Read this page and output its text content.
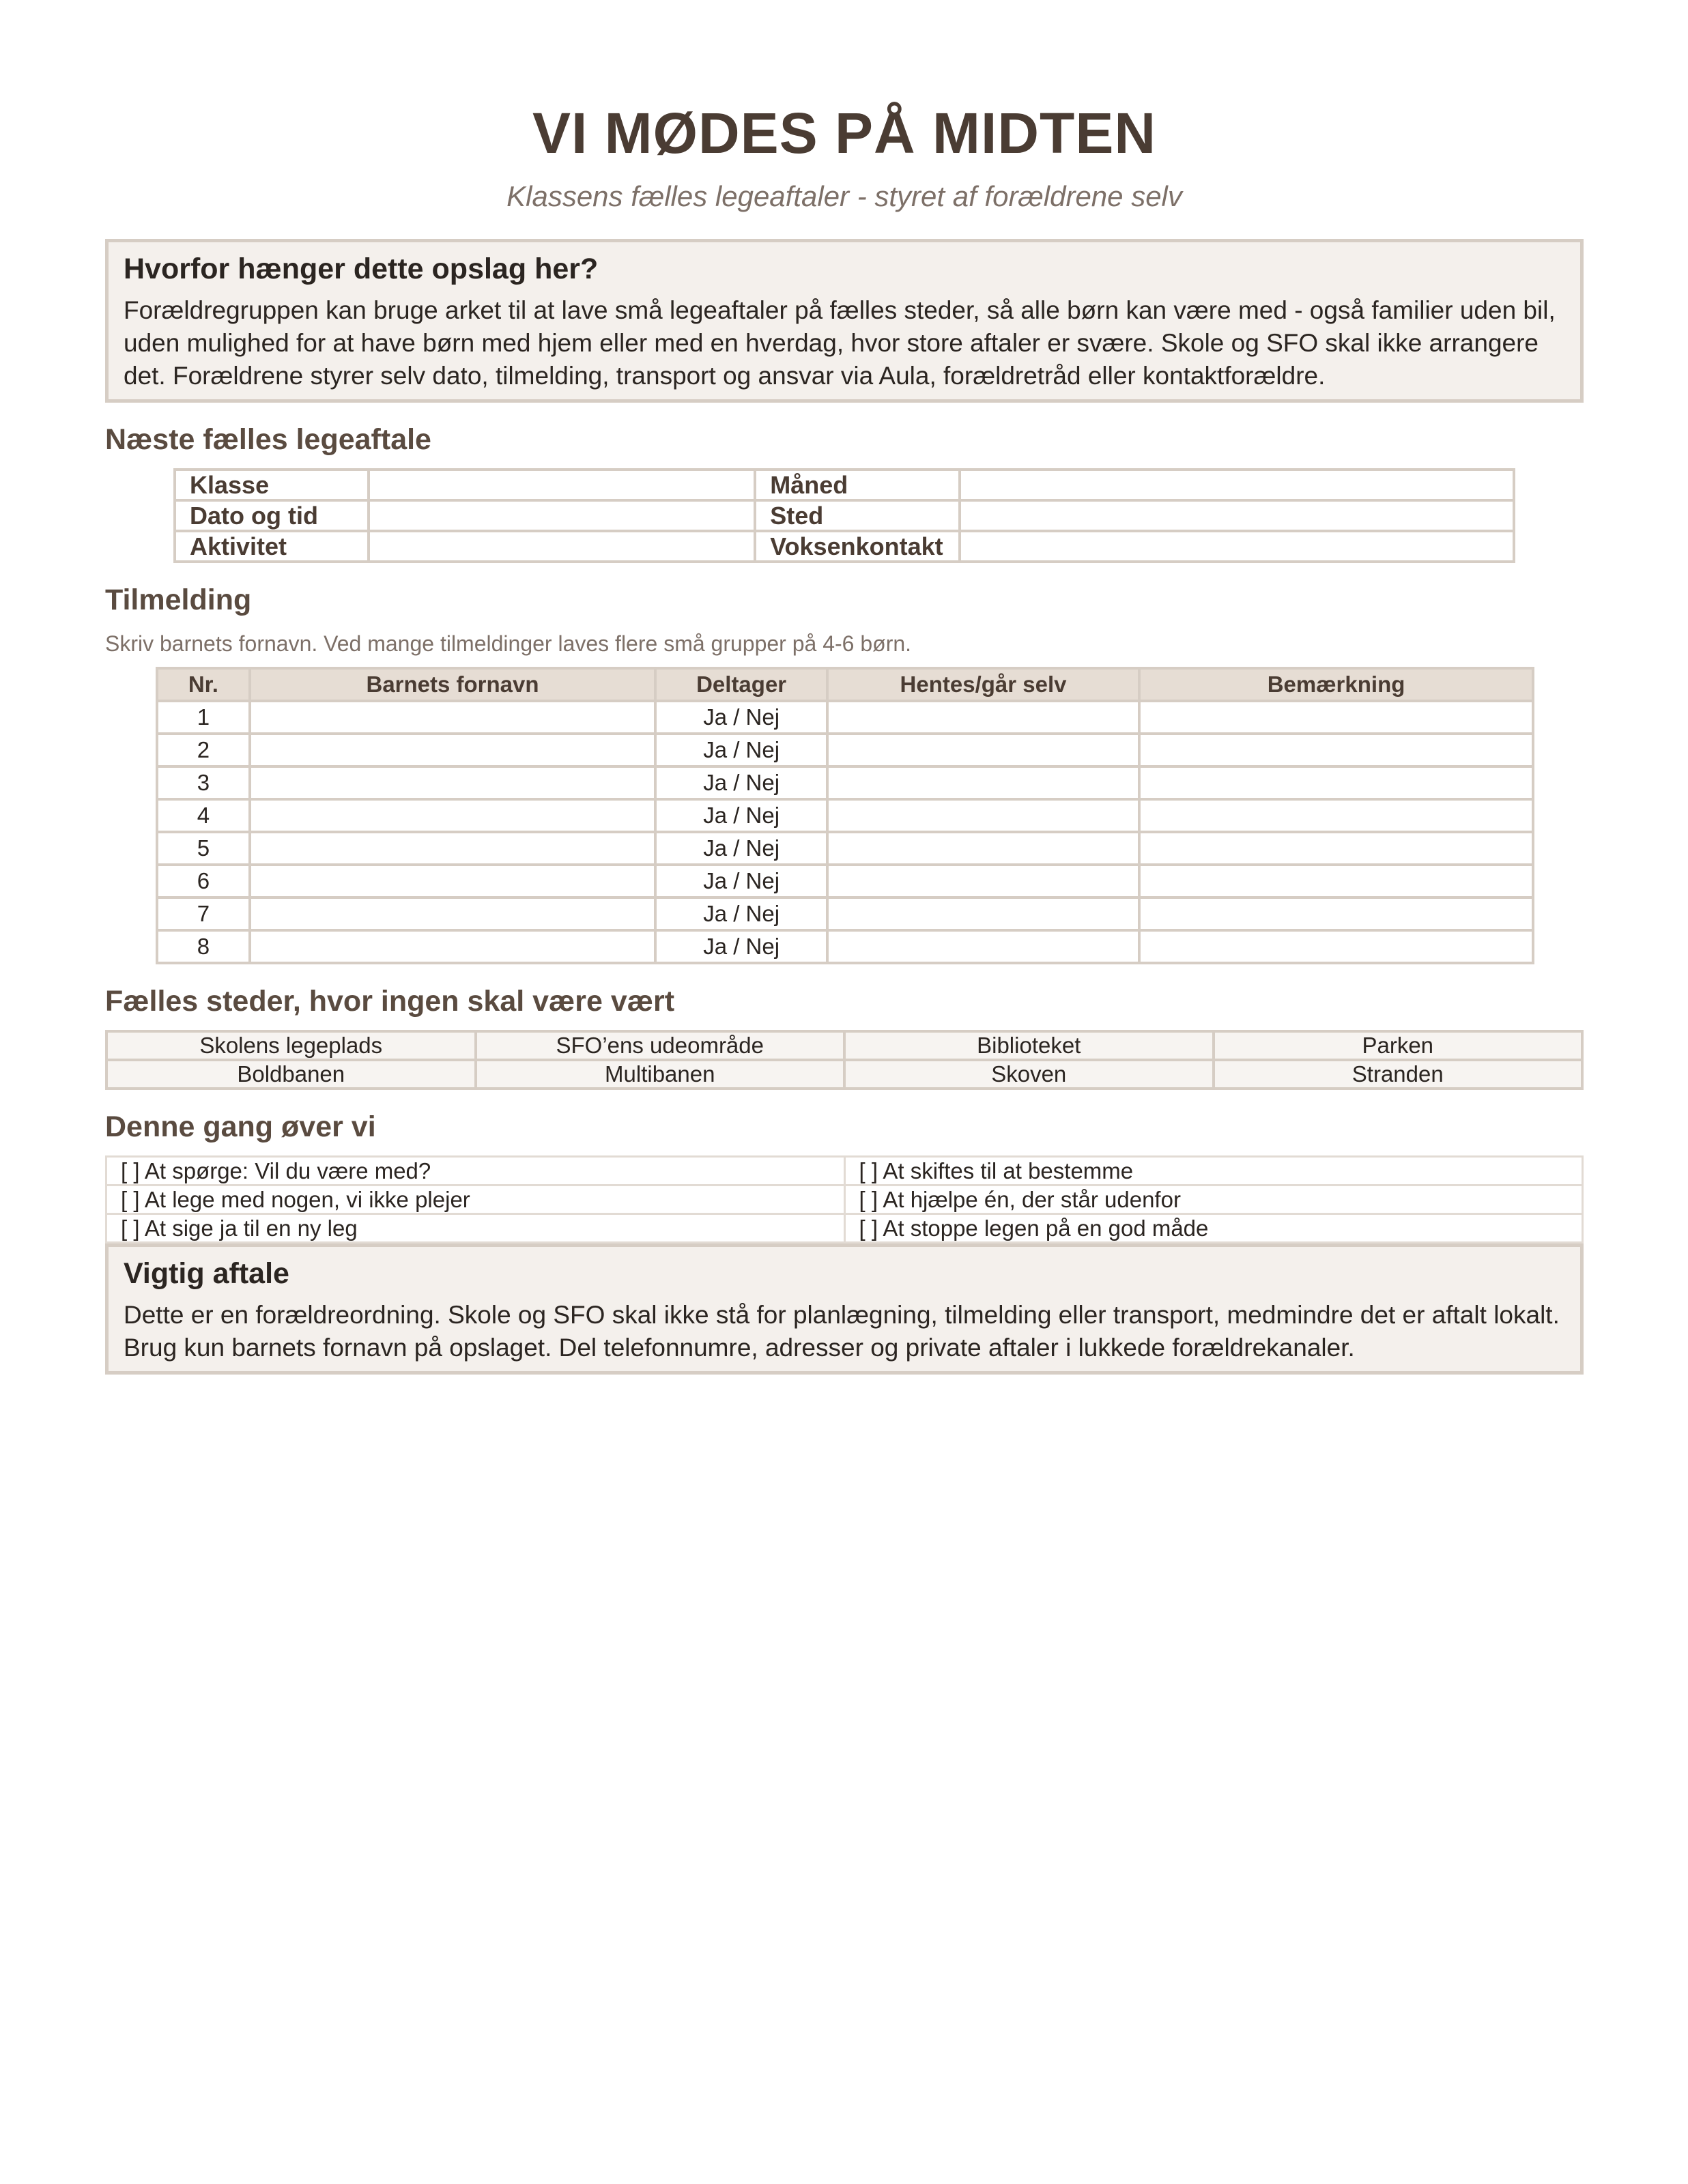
VI MØDES PÅ MIDTEN
Klassens fælles legeaftaler - styret af forældrene selv
Hvorfor hænger dette opslag her?

Forældregruppen kan bruge arket til at lave små legeaftaler på fælles steder, så alle børn kan være med - også familier uden bil, uden mulighed for at have børn med hjem eller med en hverdag, hvor store aftaler er svære. Skole og SFO skal ikke arrangere det. Forældrene styrer selv dato, tilmelding, transport og ansvar via Aula, forældretråd eller kontaktforældre.

Næste fælles legeaftale
Klasse		Måned	
Dato og tid		Sted	
Aktivitet		Voksenkontakt	
Tilmelding

Skriv barnets fornavn. Ved mange tilmeldinger laves flere små grupper på 4-6 børn.

Nr.	Barnets fornavn	Deltager	Hentes/går selv	Bemærkning
1		Ja / Nej		
2		Ja / Nej		
3		Ja / Nej		
4		Ja / Nej		
5		Ja / Nej		
6		Ja / Nej		
7		Ja / Nej		
8		Ja / Nej		
Fælles steder, hvor ingen skal være vært
Skolens legeplads	SFO’ens udeområde	Biblioteket	Parken
Boldbanen	Multibanen	Skoven	Stranden
Denne gang øver vi
[ ] At spørge: Vil du være med?	[ ] At skiftes til at bestemme
[ ] At lege med nogen, vi ikke plejer	[ ] At hjælpe én, der står udenfor
[ ] At sige ja til en ny leg	[ ] At stoppe legen på en god måde
Vigtig aftale

Dette er en forældreordning. Skole og SFO skal ikke stå for planlægning, tilmelding eller transport, medmindre det er aftalt lokalt. Brug kun barnets fornavn på opslaget. Del telefonnumre, adresser og private aftaler i lukkede forældrekanaler.
